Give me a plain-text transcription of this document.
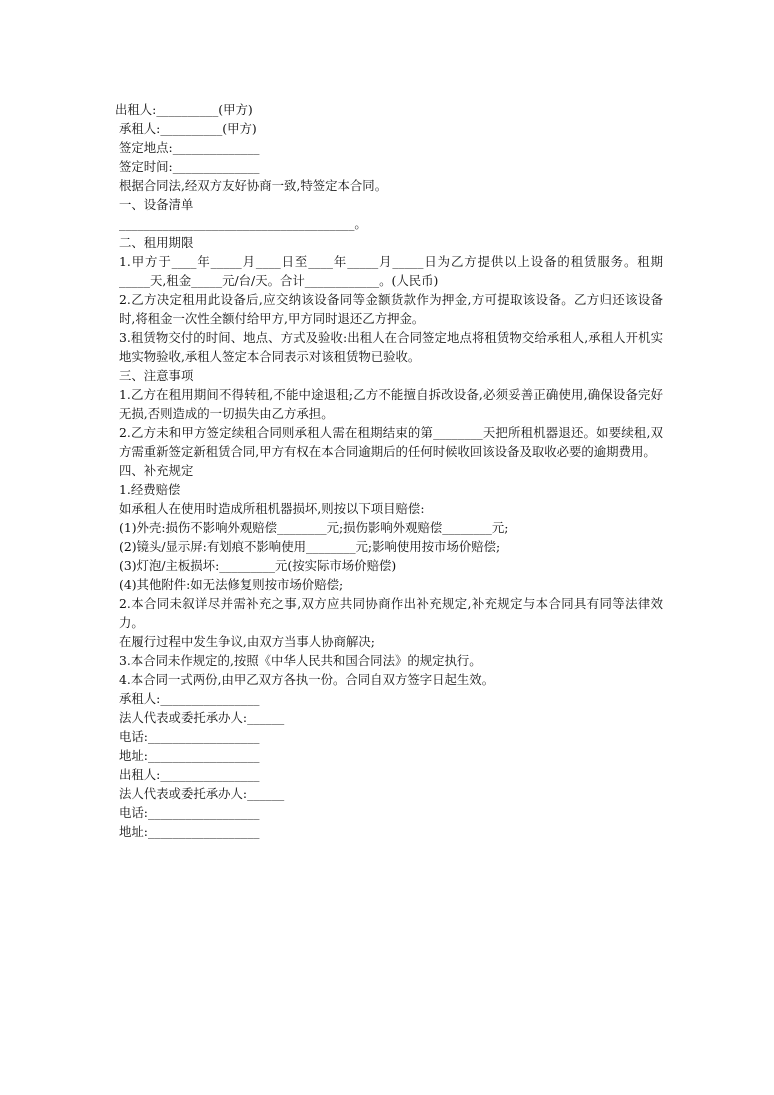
出租人:__________(甲方)

承租人:__________(甲方)

签定地点:______________

签定时间:______________

根据合同法,经双方友好协商一致,特签定本合同。

一、设备清单

______________________________________。

二、租用期限

1.甲方于____年_____月____日至____年_____月_____日为乙方提供以上设备的租赁服务。租期_____天,租金_____元/台/天。合计____________。(人民币)

2.乙方决定租用此设备后,应交纳该设备同等金额货款作为押金,方可提取该设备。乙方归还该设备时,将租金一次性全额付给甲方,甲方同时退还乙方押金。

3.租赁物交付的时间、地点、方式及验收:出租人在合同签定地点将租赁物交给承租人,承租人开机实地实物验收,承租人签定本合同表示对该租赁物已验收。

三、注意事项

1.乙方在租用期间不得转租,不能中途退租;乙方不能擅自拆改设备,必须妥善正确使用,确保设备完好无损,否则造成的一切损失由乙方承担。

2.乙方未和甲方签定续租合同则承租人需在租期结束的第________天把所租机器退还。如要续租,双方需重新签定新租赁合同,甲方有权在本合同逾期后的任何时候收回该设备及取收必要的逾期费用。

四、补充规定

1.经费赔偿

如承租人在使用时造成所租机器损坏,则按以下项目赔偿:

(1)外壳:损伤不影响外观赔偿________元;损伤影响外观赔偿________元;

(2)镜头/显示屏:有划痕不影响使用________元;影响使用按市场价赔偿;

(3)灯泡/主板损坏:_________元(按实际市场价赔偿)

(4)其他附件:如无法修复则按市场价赔偿;

2.本合同未叙详尽并需补充之事,双方应共同协商作出补充规定,补充规定与本合同具有同等法律效力。

在履行过程中发生争议,由双方当事人协商解决;

3.本合同未作规定的,按照《中华人民共和国合同法》的规定执行。

4.本合同一式两份,由甲乙双方各执一份。合同自双方签字日起生效。

承租人:________________

法人代表或委托承办人:______

电话:__________________

地址:__________________

出租人:________________

法人代表或委托承办人:______

电话:__________________

地址:__________________
